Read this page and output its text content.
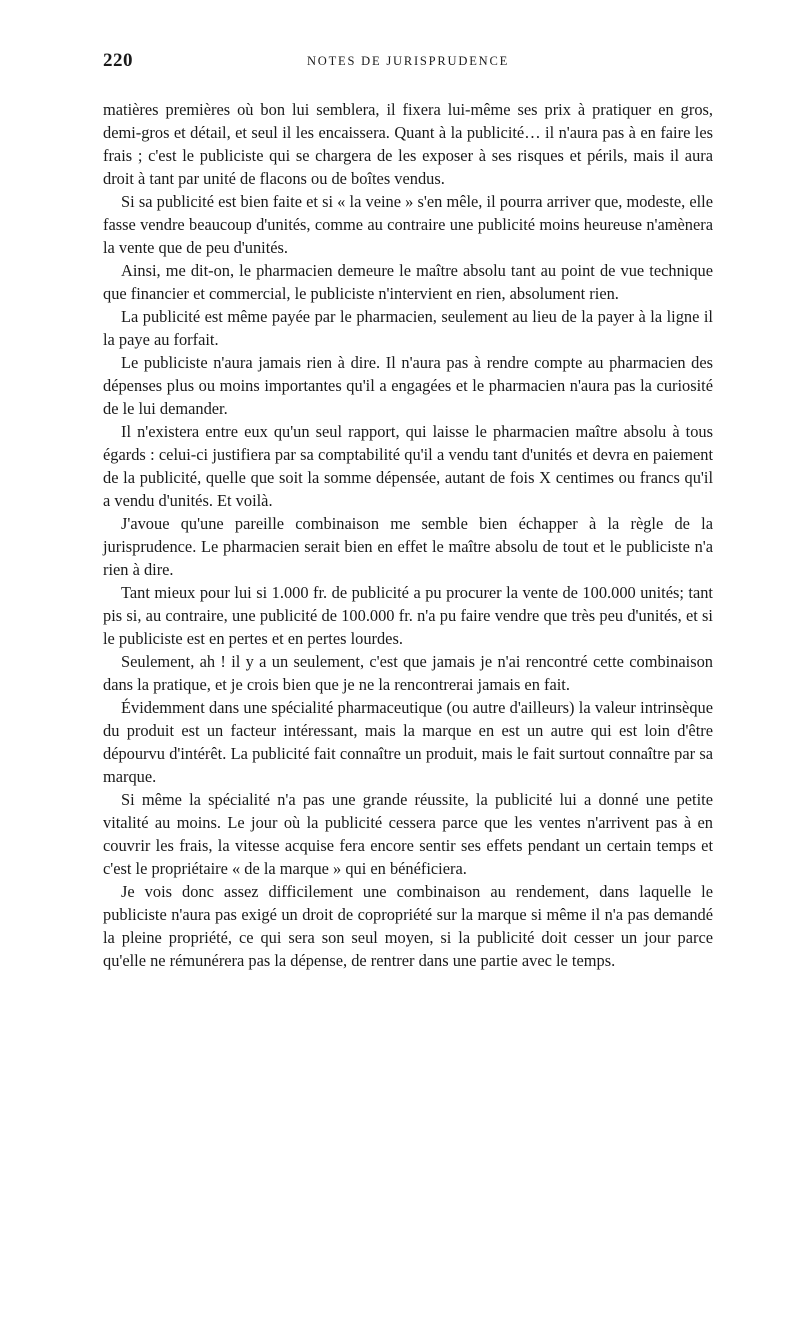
220	NOTES DE JURISPRUDENCE

matières premières où bon lui semblera, il fixera lui-même ses prix à pratiquer en gros, demi-gros et détail, et seul il les encaissera. Quant à la publicité… il n'aura pas à en faire les frais ; c'est le publiciste qui se chargera de les exposer à ses risques et périls, mais il aura droit à tant par unité de flacons ou de boîtes vendus.

Si sa publicité est bien faite et si « la veine » s'en mêle, il pourra arriver que, modeste, elle fasse vendre beaucoup d'unités, comme au contraire une publicité moins heureuse n'amènera la vente que de peu d'unités.

Ainsi, me dit-on, le pharmacien demeure le maître absolu tant au point de vue technique que financier et commercial, le publiciste n'intervient en rien, absolument rien.

La publicité est même payée par le pharmacien, seulement au lieu de la payer à la ligne il la paye au forfait.

Le publiciste n'aura jamais rien à dire. Il n'aura pas à rendre compte au pharmacien des dépenses plus ou moins importantes qu'il a engagées et le pharmacien n'aura pas la curiosité de le lui demander.

Il n'existera entre eux qu'un seul rapport, qui laisse le pharmacien maître absolu à tous égards : celui-ci justifiera par sa comptabilité qu'il a vendu tant d'unités et devra en paiement de la publicité, quelle que soit la somme dépensée, autant de fois X centimes ou francs qu'il a vendu d'unités. Et voilà.

J'avoue qu'une pareille combinaison me semble bien échapper à la règle de la jurisprudence. Le pharmacien serait bien en effet le maître absolu de tout et le publiciste n'a rien à dire.

Tant mieux pour lui si 1.000 fr. de publicité a pu procurer la vente de 100.000 unités; tant pis si, au contraire, une publicité de 100.000 fr. n'a pu faire vendre que très peu d'unités, et si le publiciste est en pertes et en pertes lourdes.

Seulement, ah ! il y a un seulement, c'est que jamais je n'ai rencontré cette combinaison dans la pratique, et je crois bien que je ne la rencontrerai jamais en fait.

Évidemment dans une spécialité pharmaceutique (ou autre d'ailleurs) la valeur intrinsèque du produit est un facteur intéressant, mais la marque en est un autre qui est loin d'être dépourvu d'intérêt. La publicité fait connaître un produit, mais le fait surtout connaître par sa marque.

Si même la spécialité n'a pas une grande réussite, la publicité lui a donné une petite vitalité au moins. Le jour où la publicité cessera parce que les ventes n'arrivent pas à en couvrir les frais, la vitesse acquise fera encore sentir ses effets pendant un certain temps et c'est le propriétaire « de la marque » qui en bénéficiera.

Je vois donc assez difficilement une combinaison au rendement, dans laquelle le publiciste n'aura pas exigé un droit de copropriété sur la marque si même il n'a pas demandé la pleine propriété, ce qui sera son seul moyen, si la publicité doit cesser un jour parce qu'elle ne rémunérera pas la dépense, de rentrer dans une partie avec le temps.
